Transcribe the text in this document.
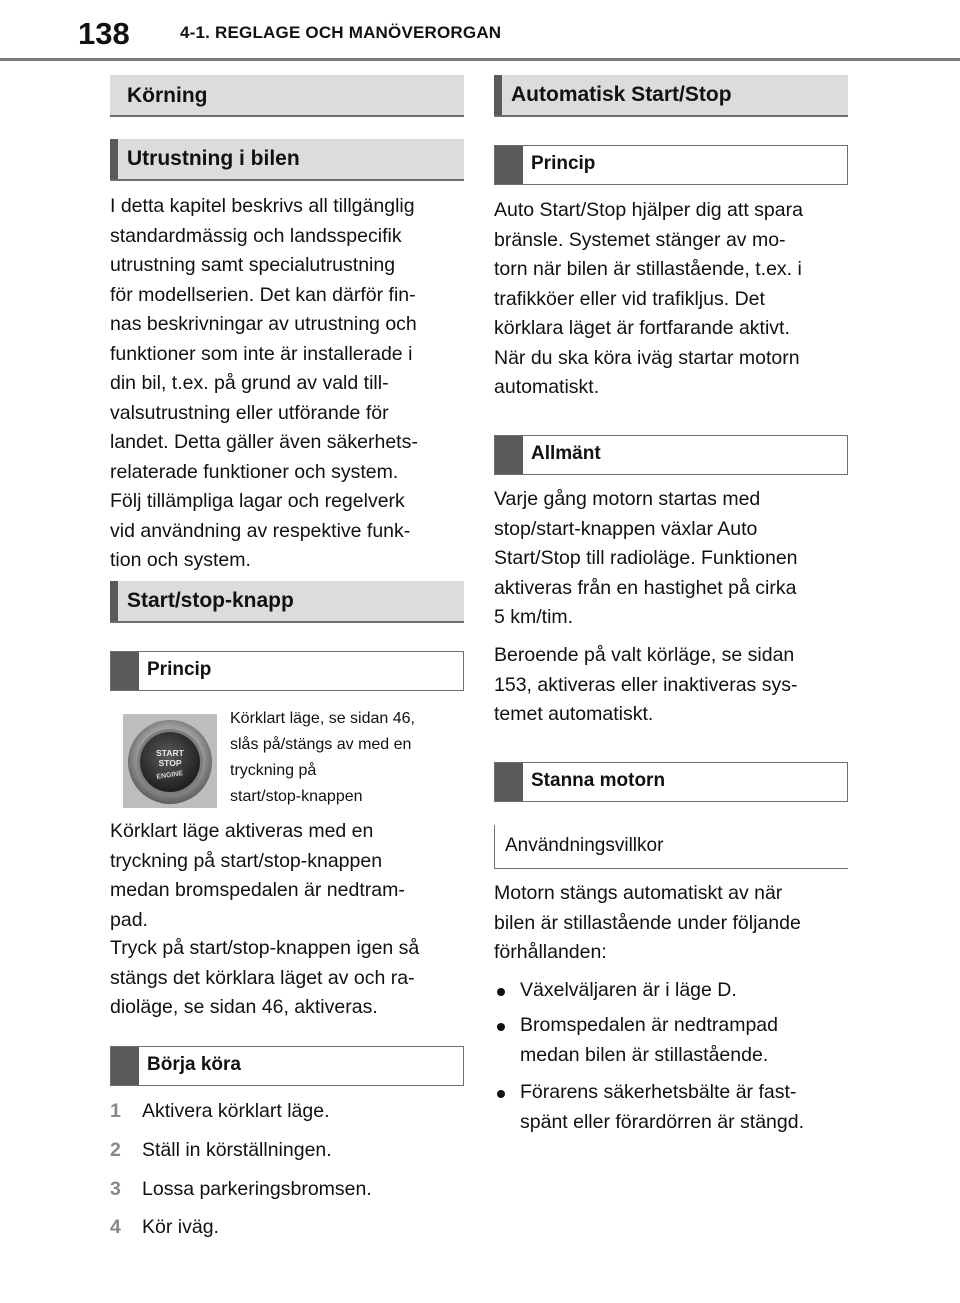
138	4-1. REGLAGE OCH MANÖVERORGAN
Körning
Utrustning i bilen

I detta kapitel beskrivs all tillgänglig

standardmässig och landsspecifik

utrustning samt specialutrustning

för modellserien. Det kan därför fin-

nas beskrivningar av utrustning och

funktioner som inte är installerade i

din bil, t.ex. på grund av vald till-

valsutrustning eller utförande för

landet. Detta gäller även säkerhets-

relaterade funktioner och system.

Följ tillämpliga lagar och regelverk

vid användning av respektive funk-

tion och system.

Start/stop-knapp
Princip
START
STOP
ENGINE

Körklart läge, se sidan 46,

slås på/stängs av med en

tryckning på

start/stop-knappen

Körklart läge aktiveras med en

tryckning på start/stop-knappen

medan bromspedalen är nedtram-

pad.

Tryck på start/stop-knappen igen så

stängs det körklara läget av och ra-

dioläge, se sidan 46, aktiveras.

Börja köra
1 Aktivera körklart läge.
2 Ställ in körställningen.
3 Lossa parkeringsbromsen.
4 Kör iväg.
Automatisk Start/Stop
Princip

Auto Start/Stop hjälper dig att spara

bränsle. Systemet stänger av mo-

torn när bilen är stillastående, t.ex. i

trafikköer eller vid trafikljus. Det

körklara läget är fortfarande aktivt.

När du ska köra iväg startar motorn

automatiskt.

Allmänt

Varje gång motorn startas med

stop/start-knappen växlar Auto

Start/Stop till radioläge. Funktionen

aktiveras från en hastighet på cirka

5 km/tim.

Beroende på valt körläge, se sidan

153, aktiveras eller inaktiveras sys-

temet automatiskt.

Stanna motorn
Användningsvillkor

Motorn stängs automatiskt av när

bilen är stillastående under följande

förhållanden:

Växelväljaren är i läge D.
Bromspedalen är nedtrampad
medan bilen är stillastående.
Förarens säkerhetsbälte är fast-
spänt eller förardörren är stängd.
